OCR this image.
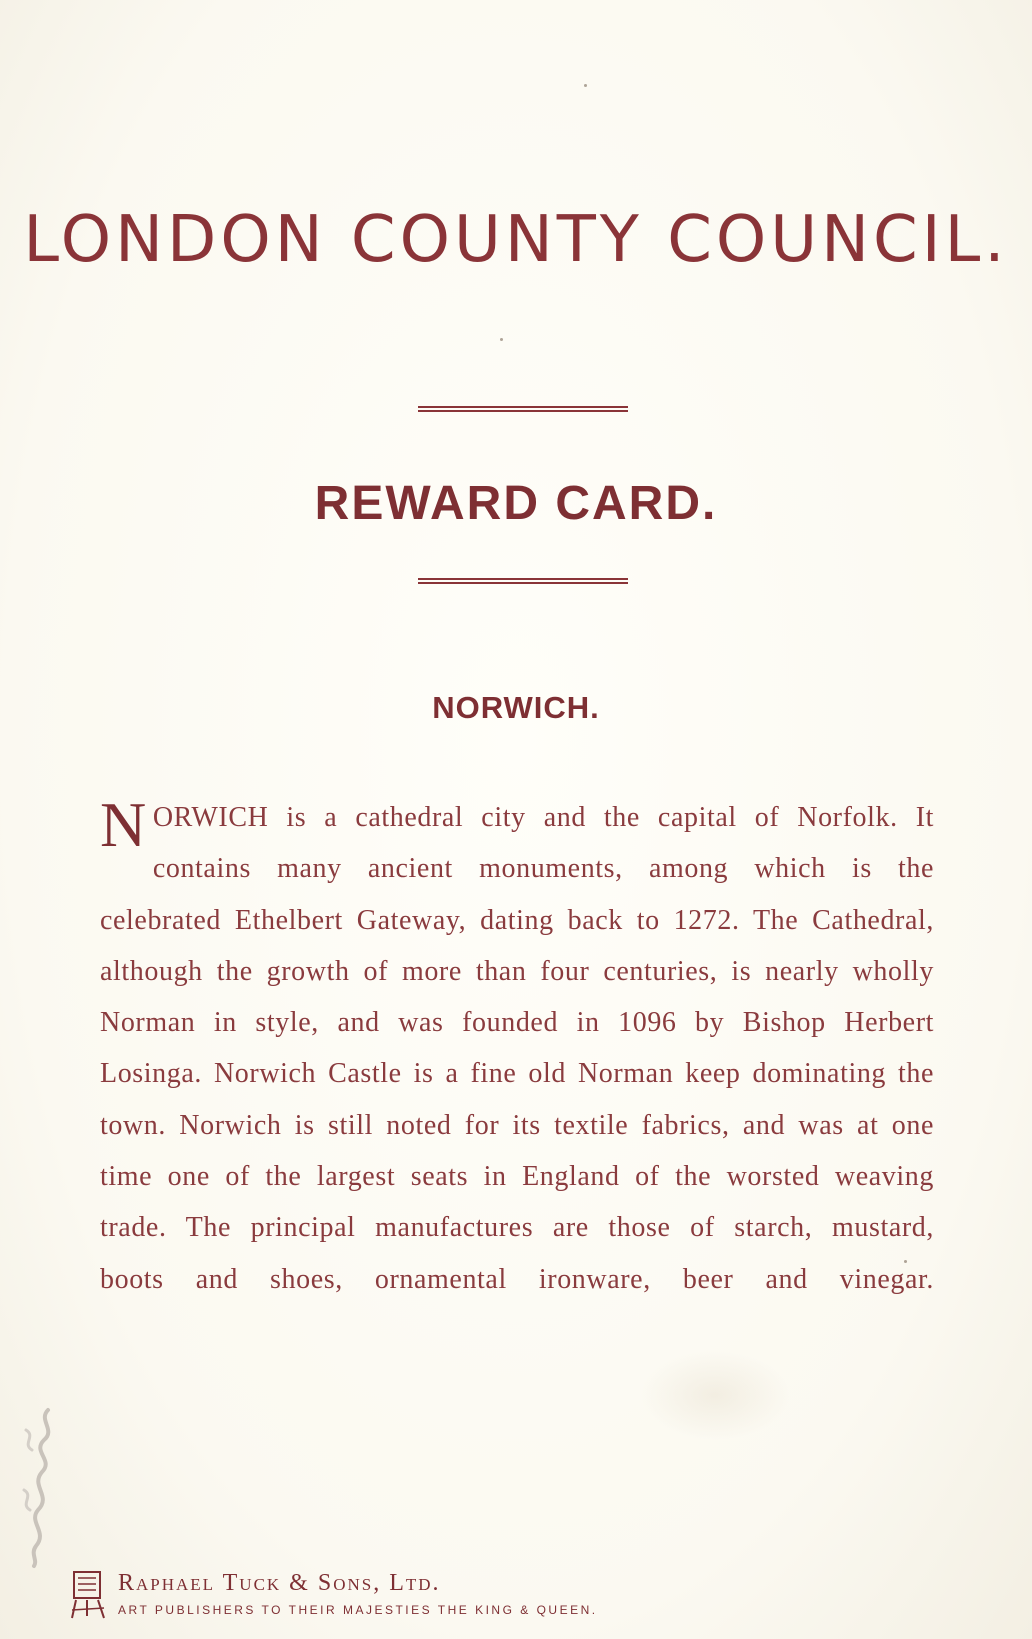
LONDON COUNTY COUNCIL.
REWARD CARD.
NORWICH.

NORWICH is a cathedral city and the capital of Norfolk. It contains many ancient monuments, among which is the celebrated Ethelbert Gateway, dating back to 1272. The Cathedral, although the growth of more than four centuries, is nearly wholly Norman in style, and was founded in 1096 by Bishop Herbert Losinga. Norwich Castle is a fine old Norman keep dominating the town. Norwich is still noted for its textile fabrics, and was at one time one of the largest seats in England of the worsted weaving trade. The principal manufactures are those of starch, mustard, boots and shoes, ornamental ironware, beer and vinegar.

Raphael Tuck & Sons, Ltd.
ART PUBLISHERS TO THEIR MAJESTIES THE KING & QUEEN.
